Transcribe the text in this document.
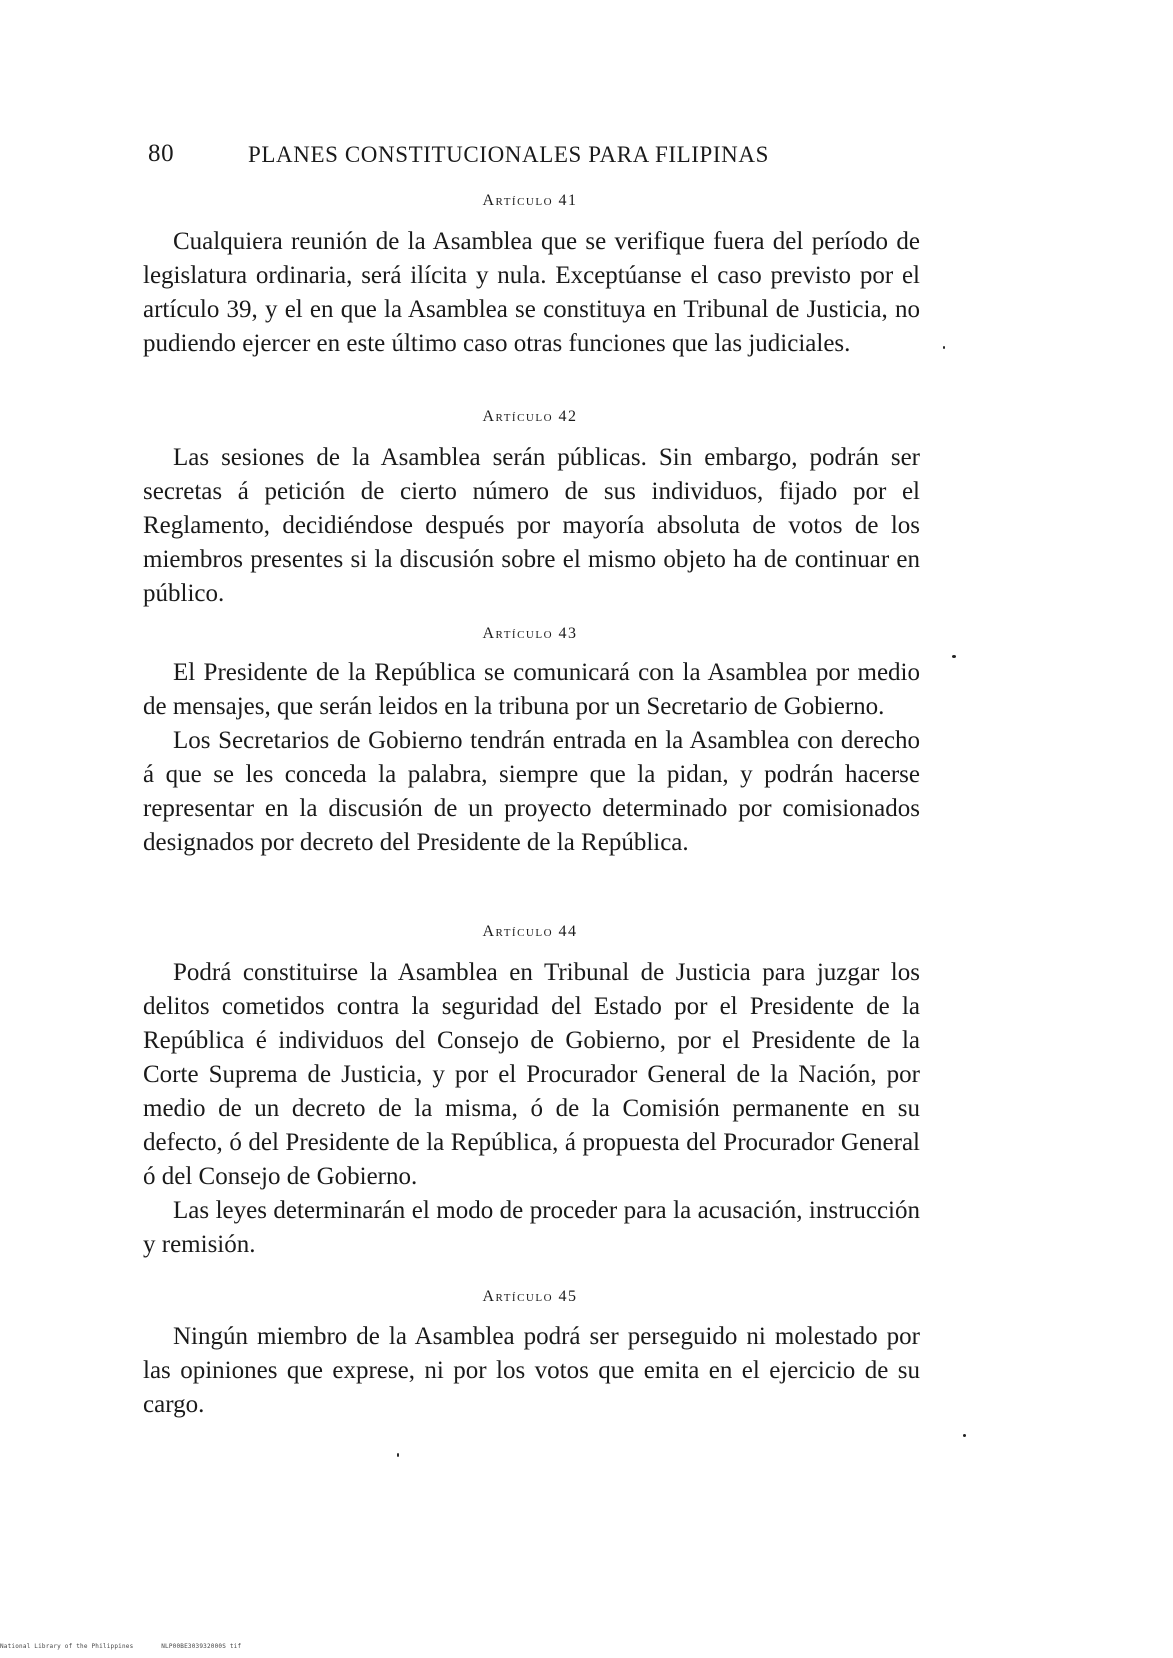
80	PLANES CONSTITUCIONALES PARA FILIPINAS
Artículo 41

Cualquiera reunión de la Asamblea que se verifique fuera del período de legislatura ordinaria, será ilícita y nula. Exceptúanse el caso previsto por el artículo 39, y el en que la Asamblea se constituya en Tribunal de Justicia, no pudiendo ejercer en este último caso otras funciones que las judiciales.

Artículo 42

Las sesiones de la Asamblea serán públicas. Sin embargo, podrán ser secretas á petición de cierto número de sus individuos, fijado por el Reglamento, decidiéndose después por mayoría absoluta de votos de los miembros presentes si la discusión sobre el mismo objeto ha de continuar en público.

Artículo 43

El Presidente de la República se comunicará con la Asamblea por medio de mensajes, que serán leidos en la tribuna por un Secretario de Gobierno.

Los Secretarios de Gobierno tendrán entrada en la Asamblea con derecho á que se les conceda la palabra, siempre que la pidan, y podrán hacerse representar en la discusión de un proyecto determinado por comisionados designados por decreto del Presidente de la República.

Artículo 44

Podrá constituirse la Asamblea en Tribunal de Justicia para juzgar los delitos cometidos contra la seguridad del Estado por el Presidente de la República é individuos del Consejo de Gobierno, por el Presidente de la Corte Suprema de Justicia, y por el Procurador General de la Nación, por medio de un decreto de la misma, ó de la Comisión permanente en su defecto, ó del Presidente de la República, á propuesta del Procurador General ó del Consejo de Gobierno.

Las leyes determinarán el modo de proceder para la acusación, instrucción y remisión.

Artículo 45

Ningún miembro de la Asamblea podrá ser perseguido ni molestado por las opiniones que exprese, ni por los votos que emita en el ejercicio de su cargo.

National Library of the Philippines	NLP00BE303932000S tif
